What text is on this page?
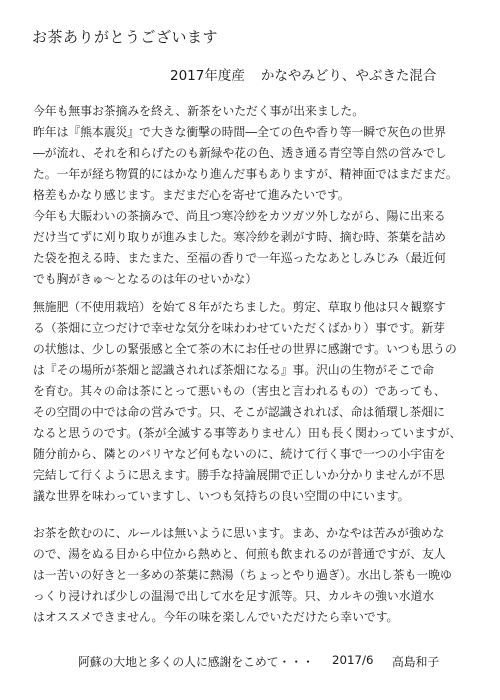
お茶ありがとうございます
2017年度産 かなやみどり、やぶきた混合
今年も無事お茶摘みを終え、新茶をいただく事が出来ました。
昨年は『熊本震災』で大きな衝撃の時間―全ての色や香り等一瞬で灰色の世界
―が流れ、それを和らげたのも新緑や花の色、透き通る青空等自然の営みでし
た。一年が経ち物質的にはかなり進んだ事もありますが、精神面ではまだまだ。
格差もかなり感じます。まだまだ心を寄せて進みたいです。
今年も大賑わいの茶摘みで、尚且つ寒冷紗をカツガツ外しながら、陽に出来る
だけ当てずに刈り取りが進みました。寒冷紗を剥がす時、摘む時、茶葉を詰め
た袋を抱える時、またまた、至福の香りで一年巡ったなあとしみじみ（最近何
でも胸がきゅ～となるのは年のせいかな）
無施肥（不使用栽培）を始て８年がたちました。剪定、草取り他は只々観察す
る（茶畑に立つだけで幸せな気分を味わわせていただくばかり）事です。新芽
の状態は、少しの緊張感と全て茶の木にお任せの世界に感謝です。いつも思うの
は『その場所が茶畑と認識されれば茶畑になる』事。沢山の生物がそこで命
を育む。其々の命は茶にとって悪いもの（害虫と言われるもの）であっても、
その空間の中では命の営みです。只、そこが認識されれば、命は循環し茶畑に
なると思うのです。(茶が全滅する事等ありません）田も長く関わっていますが、
随分前から、隣とのバリヤなど何もないのに、続けて行く事で一つの小宇宙を
完結して行くように思えます。勝手な持論展開で正しいか分かりませんが不思
議な世界を味わっていますし、いつも気持ちの良い空間の中にいます。
お茶を飲むのに、ルールは無いように思います。まあ、かなやは苦みが強めな
ので、湯をぬる目から中位から熱めと、何煎も飲まれるのが普通ですが、友人
は一苦いの好きと一多めの茶葉に熱湯（ちょっとやり過ぎ）。水出し茶も一晩ゆ
っくり浸ければ少しの温湯で出して水を足す派等。只、カルキの強い水道水
はオススメできません。今年の味を楽しんでいただけたら幸いです。
阿蘇の大地と多くの人に感謝をこめて・・・ 2017/6 高島和子
